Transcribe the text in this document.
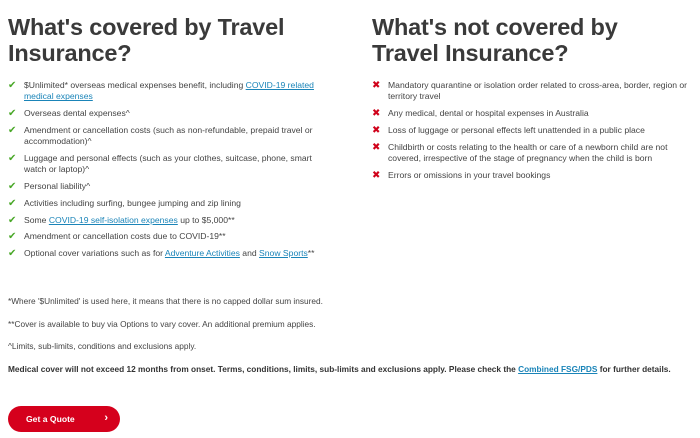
What's covered by Travel Insurance?
✔ $Unlimited* overseas medical expenses benefit, including COVID-19 related medical expenses
✔ Overseas dental expenses^
✔ Amendment or cancellation costs (such as non-refundable, prepaid travel or accommodation)^
✔ Luggage and personal effects (such as your clothes, suitcase, phone, smart watch or laptop)^
✔ Personal liability^
✔ Activities including surfing, bungee jumping and zip lining
✔ Some COVID-19 self-isolation expenses up to $5,000**
✔ Amendment or cancellation costs due to COVID-19**
✔ Optional cover variations such as for Adventure Activities and Snow Sports**
What's not covered by Travel Insurance?
✖ Mandatory quarantine or isolation order related to cross-area, border, region or territory travel
✖ Any medical, dental or hospital expenses in Australia
✖ Loss of luggage or personal effects left unattended in a public place
✖ Childbirth or costs relating to the health or care of a newborn child are not covered, irrespective of the stage of pregnancy when the child is born
✖ Errors or omissions in your travel bookings

*Where '$Unlimited' is used here, it means that there is no capped dollar sum insured.

**Cover is available to buy via Options to vary cover. An additional premium applies.

^Limits, sub-limits, conditions and exclusions apply.

Medical cover will not exceed 12 months from onset. Terms, conditions, limits, sub-limits and exclusions apply. Please check the Combined FSG/PDS for further details.

Get a Quote	›
